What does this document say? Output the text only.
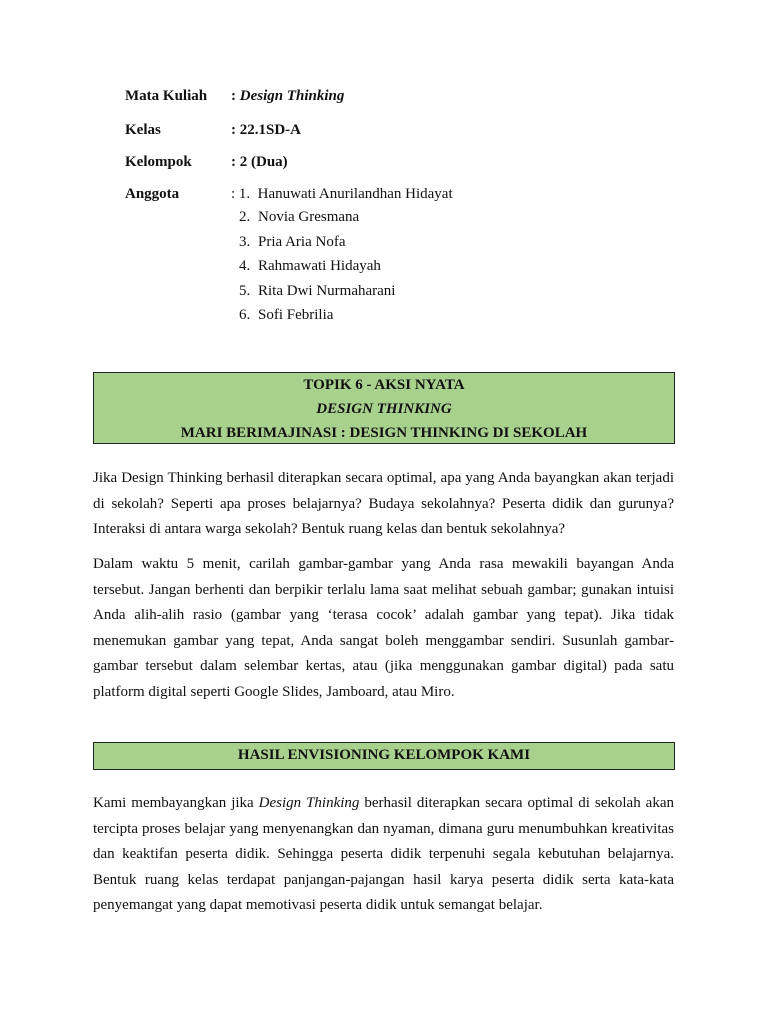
Mata Kuliah : Design Thinking
Kelas	: 22.1SD-A
Kelompok	: 2 (Dua)
Anggota	: 1. Hanuwati Anurilandhan Hidayat
2. Novia Gresmana
3. Pria Aria Nofa
4. Rahmawati Hidayah
5. Rita Dwi Nurmaharani
6. Sofi Febrilia
TOPIK 6 - AKSI NYATA
DESIGN THINKING
MARI BERIMAJINASI : DESIGN THINKING DI SEKOLAH

Jika Design Thinking berhasil diterapkan secara optimal, apa yang Anda bayangkan akan terjadi di sekolah? Seperti apa proses belajarnya? Budaya sekolahnya? Peserta didik dan gurunya? Interaksi di antara warga sekolah? Bentuk ruang kelas dan bentuk sekolahnya?

Dalam waktu 5 menit, carilah gambar-gambar yang Anda rasa mewakili bayangan Anda tersebut. Jangan berhenti dan berpikir terlalu lama saat melihat sebuah gambar; gunakan intuisi Anda alih-alih rasio (gambar yang ‘terasa cocok’ adalah gambar yang tepat). Jika tidak menemukan gambar yang tepat, Anda sangat boleh menggambar sendiri. Susunlah gambar-gambar tersebut dalam selembar kertas, atau (jika menggunakan gambar digital) pada satu platform digital seperti Google Slides, Jamboard, atau Miro.

HASIL ENVISIONING KELOMPOK KAMI

Kami membayangkan jika Design Thinking berhasil diterapkan secara optimal di sekolah akan tercipta proses belajar yang menyenangkan dan nyaman, dimana guru menumbuhkan kreativitas dan keaktifan peserta didik. Sehingga peserta didik terpenuhi segala kebutuhan belajarnya. Bentuk ruang kelas terdapat panjangan-pajangan hasil karya peserta didik serta kata-kata penyemangat yang dapat memotivasi peserta didik untuk semangat belajar.
